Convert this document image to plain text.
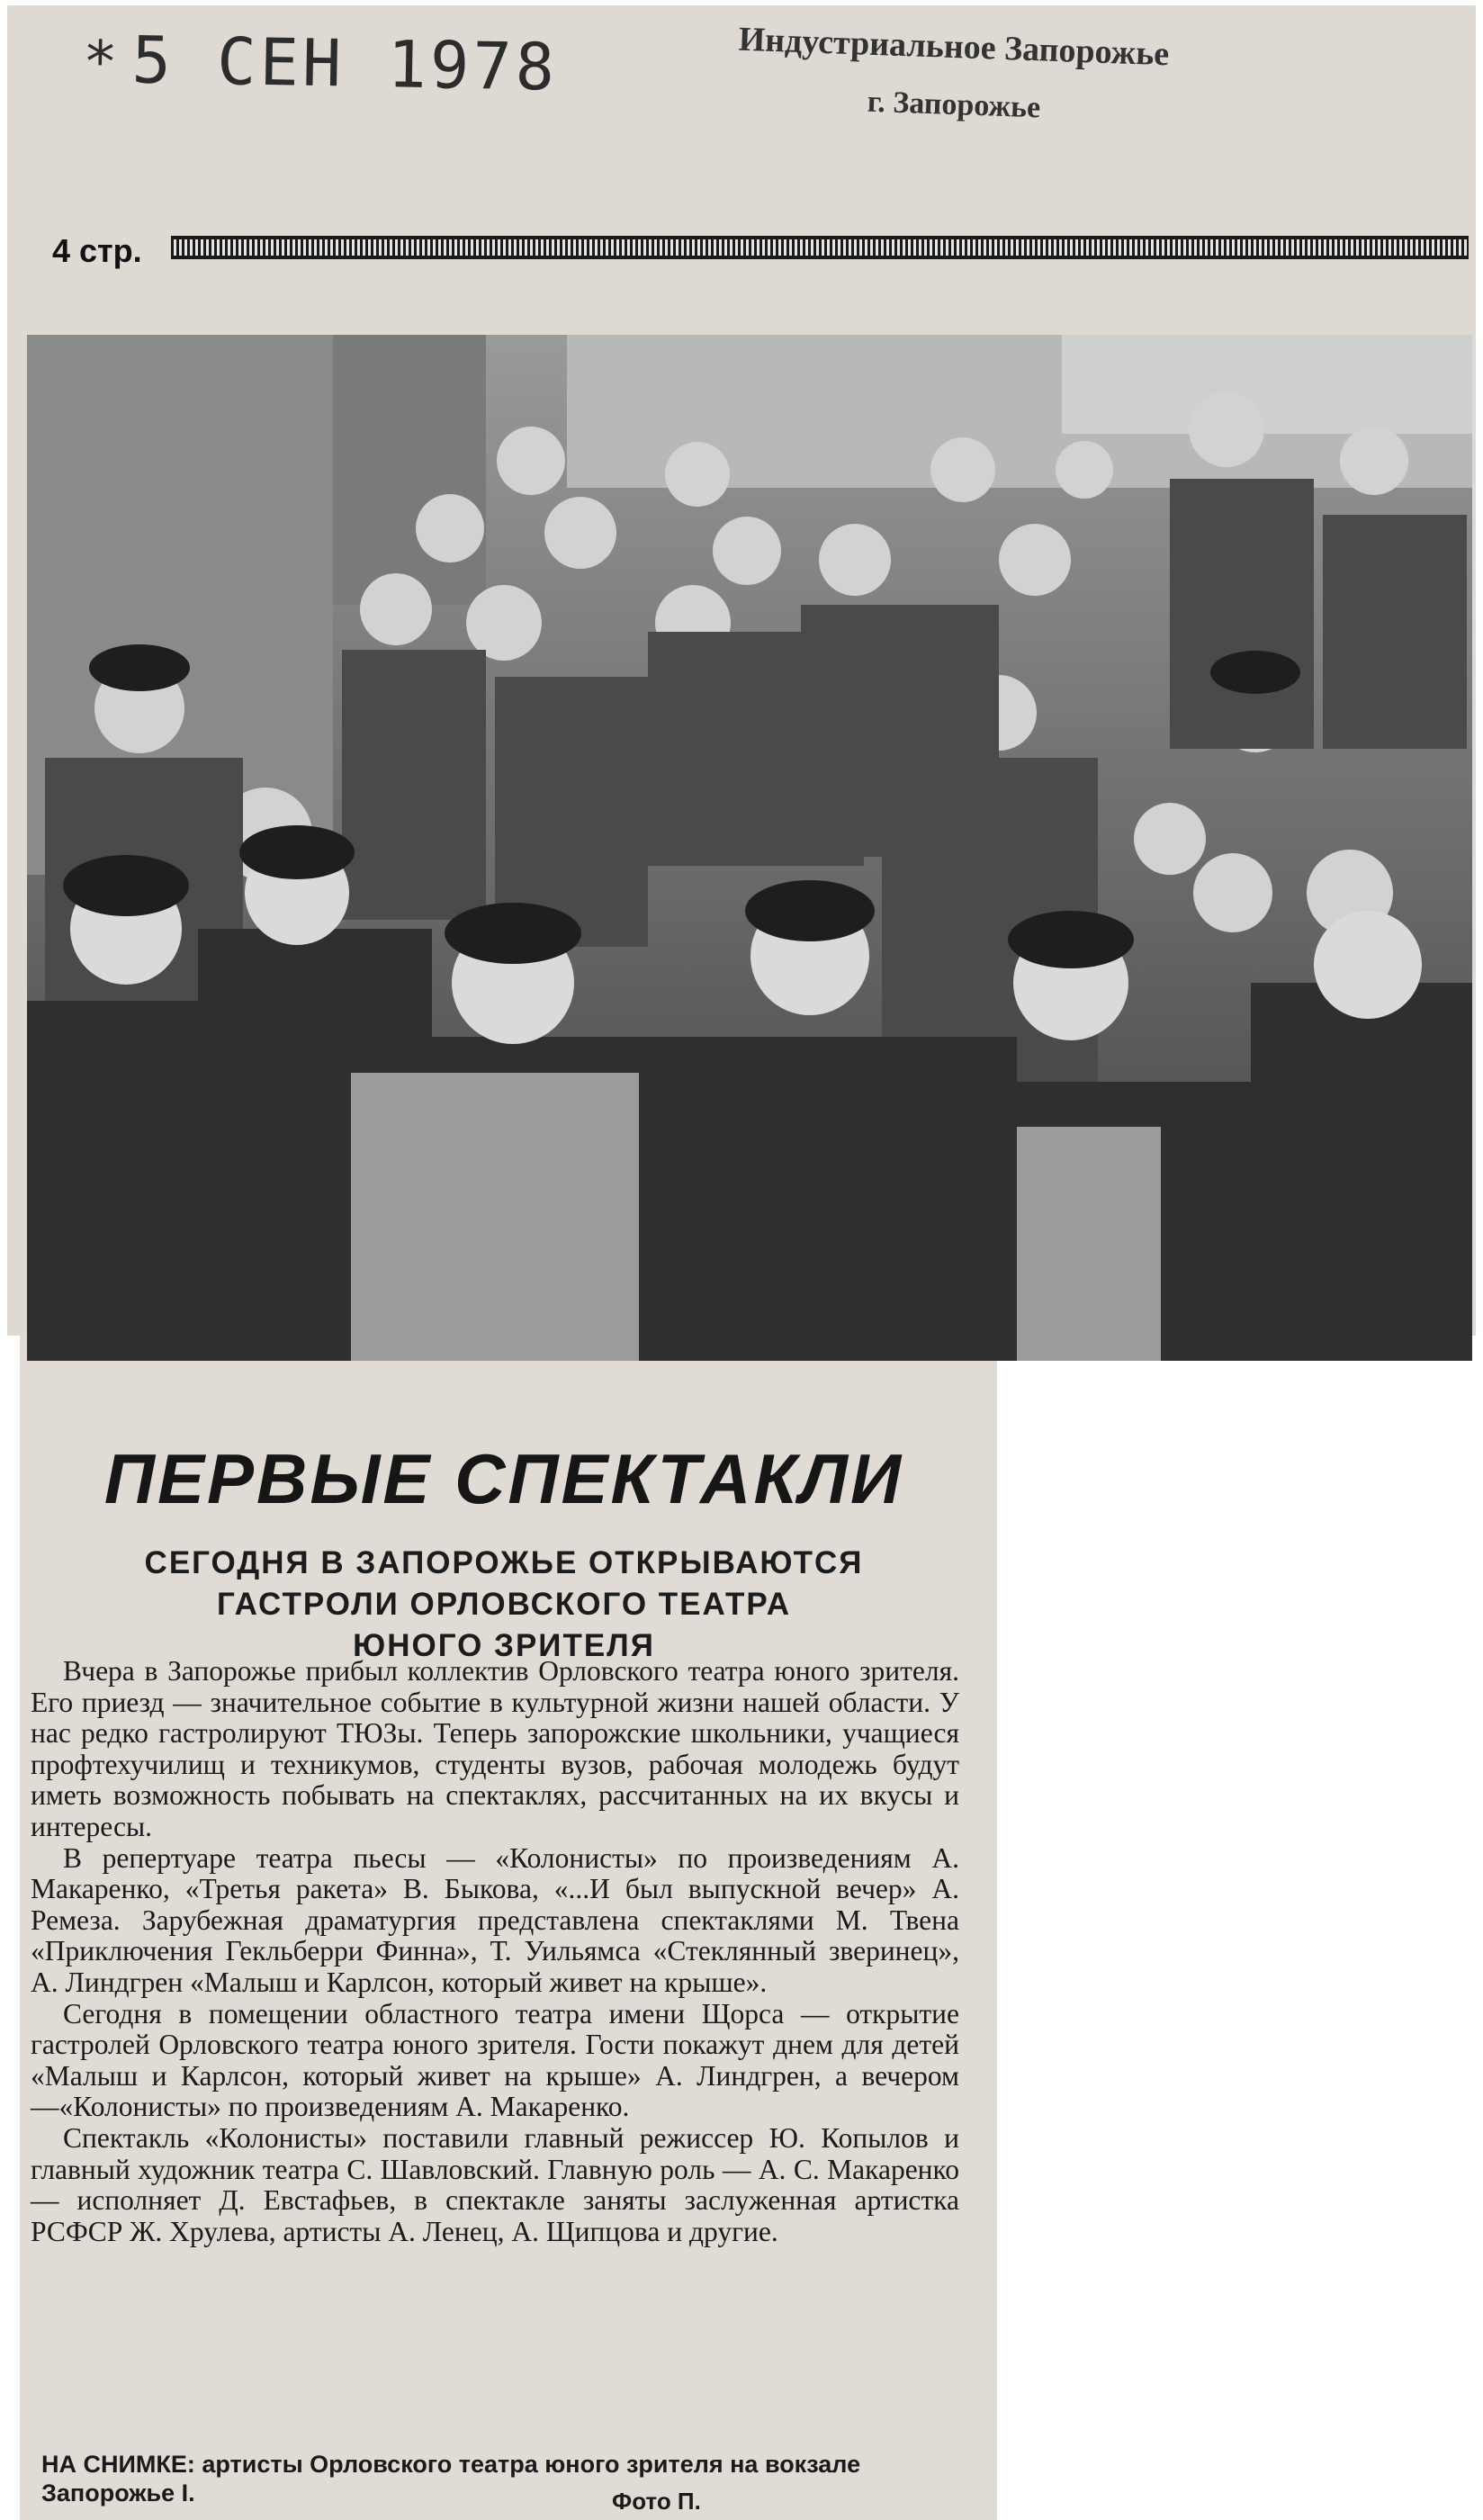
* 5 СЕН 1978	Индустриальное Запорожье
г. Запорожье
4 стр.
ПЕРВЫЕ СПЕКТАКЛИ
СЕГОДНЯ В ЗАПОРОЖЬЕ ОТКРЫВАЮТСЯ
ГАСТРОЛИ ОРЛОВСКОГО ТЕАТРА
ЮНОГО ЗРИТЕЛЯ

Вчера в Запорожье прибыл коллектив Орловского театра юного зрителя. Его приезд — значительное событие в культурной жизни нашей области. У нас редко гастролируют ТЮЗы. Теперь запорожские школьники, учащиеся профтехучилищ и техникумов, студенты вузов, рабочая молодежь будут иметь возможность побывать на спектаклях, рассчитанных на их вкусы и интересы.

В репертуаре театра пьесы — «Колонисты» по произведениям А. Макаренко, «Третья ракета» В. Быкова, «...И был выпускной вечер» А. Ремеза. Зарубежная драматургия представлена спектаклями М. Твена «Приключения Гекльберри Финна», Т. Уильямса «Стеклянный зверинец», А. Линдгрен «Малыш и Карлсон, который живет на крыше».

Сегодня в помещении областного театра имени Щорса — открытие гастролей Орловского театра юного зрителя. Гости покажут днем для детей «Малыш и Карлсон, который живет на крыше» А. Линдгрен, а вечером—«Колонисты» по произведениям А. Макаренко.

Спектакль «Колонисты» поставили главный режиссер Ю. Копылов и главный художник театра С. Шавловский. Главную роль — А. С. Макаренко — исполняет Д. Евстафьев, в спектакле заняты заслуженная артистка РСФСР Ж. Хрулева, артисты А. Ленец, А. Щипцова и другие.

НА СНИМКЕ: артисты Орловского театра юного зрителя на вокзале Запорожье I.	Фото П.
